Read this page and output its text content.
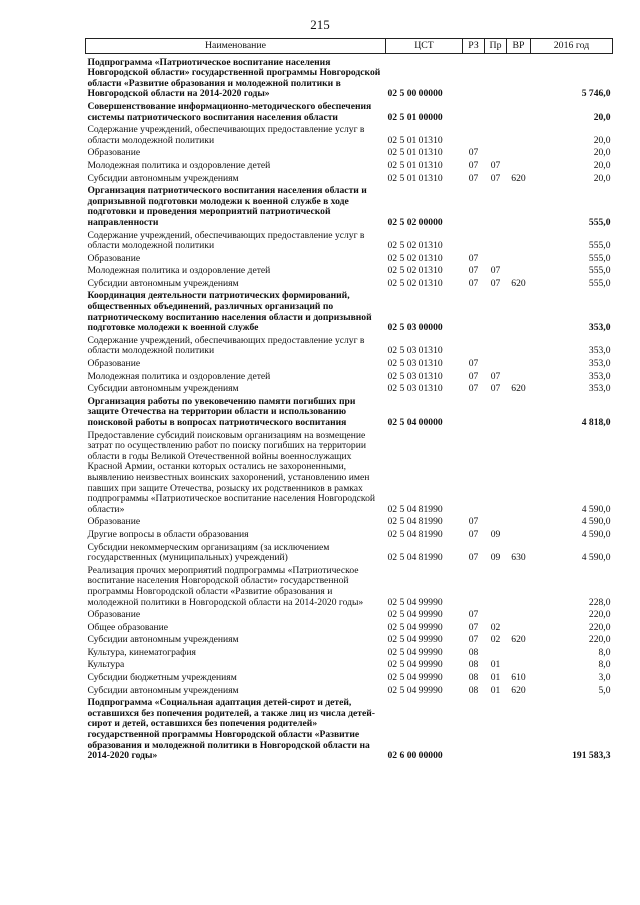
215
Наименование	ЦСТ	РЗ	Пр	ВР	2016 год

Подпрограмма «Патриотическое воспитание населения Новгородской области» государственной программы Новгородской области «Развитие образования и молодежной политики в Новгородской области на 2014-2020 годы»	02 5 00 00000				5 746,0
Совершенствование информационно-методического обеспечения системы патриотического воспитания населения области	02 5 01 00000				20,0
Содержание учреждений, обеспечивающих предоставление услуг в области молодежной политики	02 5 01 01310				20,0
Образование	02 5 01 01310	07			20,0
Молодежная политика и оздоровление детей	02 5 01 01310	07	07		20,0
Субсидии автономным учреждениям	02 5 01 01310	07	07	620	20,0
Организация патриотического воспитания населения области и допризывной подготовки молодежи к военной службе в ходе подготовки и проведения мероприятий патриотической направленности	02 5 02 00000				555,0
Содержание учреждений, обеспечивающих предоставление услуг в области молодежной политики	02 5 02 01310				555,0
Образование	02 5 02 01310	07			555,0
Молодежная политика и оздоровление детей	02 5 02 01310	07	07		555,0
Субсидии автономным учреждениям	02 5 02 01310	07	07	620	555,0
Координация деятельности патриотических формирований, общественных объединений, различных организаций по патриотическому воспитанию населения области и допризывной подготовке молодежи к военной службе	02 5 03 00000				353,0
Содержание учреждений, обеспечивающих предоставление услуг в области молодежной политики	02 5 03 01310				353,0
Образование	02 5 03 01310	07			353,0
Молодежная политика и оздоровление детей	02 5 03 01310	07	07		353,0
Субсидии автономным учреждениям	02 5 03 01310	07	07	620	353,0
Организация работы по увековечению памяти погибших при защите Отечества на территории области и использованию поисковой работы в вопросах патриотического воспитания	02 5 04 00000				4 818,0
Предоставление субсидий поисковым организациям на возмещение затрат по осуществлению работ по поиску погибших на территории области в годы Великой Отечественной войны военнослужащих Красной Армии, останки которых остались не захороненными, выявлению неизвестных воинских захоронений, установлению имен павших при защите Отечества, розыску их родственников в рамках подпрограммы «Патриотическое воспитание населения Новгородской области»	02 5 04 81990				4 590,0
Образование	02 5 04 81990	07			4 590,0
Другие вопросы в области образования	02 5 04 81990	07	09		4 590,0
Субсидии некоммерческим организациям (за исключением государственных (муниципальных) учреждений)	02 5 04 81990	07	09	630	4 590,0
Реализация прочих мероприятий подпрограммы «Патриотическое воспитание населения Новгородской области» государственной программы Новгородской области «Развитие образования и молодежной политики в Новгородской области на 2014-2020 годы»	02 5 04 99990				228,0
Образование	02 5 04 99990	07			220,0
Общее образование	02 5 04 99990	07	02		220,0
Субсидии автономным учреждениям	02 5 04 99990	07	02	620	220,0
Культура, кинематография	02 5 04 99990	08			8,0
Культура	02 5 04 99990	08	01		8,0
Субсидии бюджетным учреждениям	02 5 04 99990	08	01	610	3,0
Субсидии автономным учреждениям	02 5 04 99990	08	01	620	5,0
Подпрограмма «Социальная адаптация детей-сирот и детей, оставшихся без попечения родителей, а также лиц из числа детей-сирот и детей, оставшихся без попечения родителей» государственной программы Новгородской области «Развитие образования и молодежной политики в Новгородской области на 2014-2020 годы»	02 6 00 00000				191 583,3
